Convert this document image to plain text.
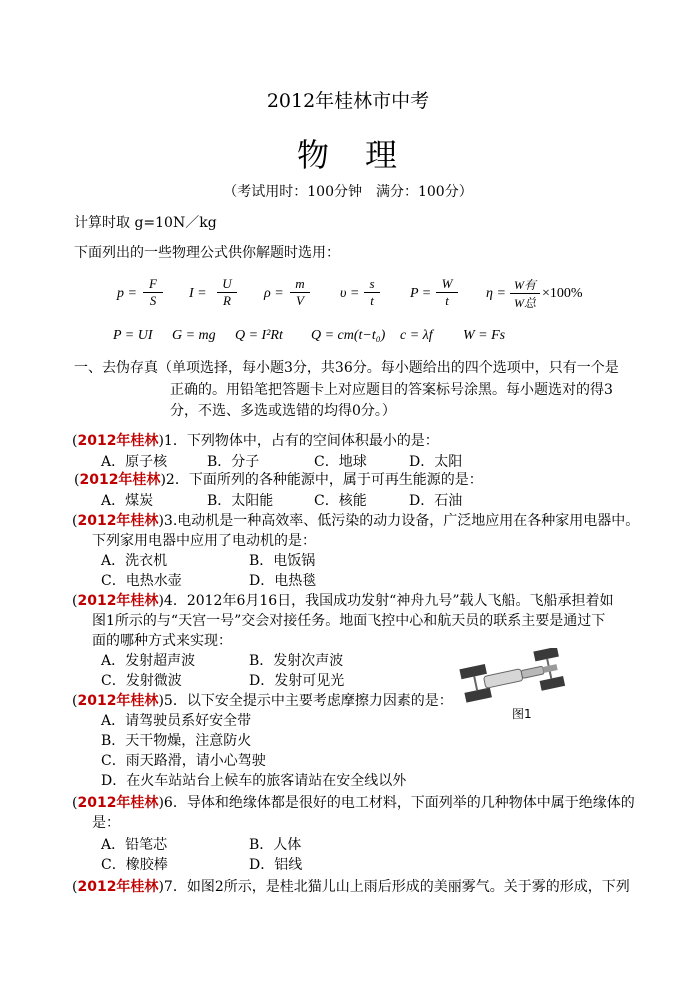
2012年桂林市中考
物　理
（考试用时：100分钟　满分：100分）
计算时取 g=10N／kg
下面列出的一些物理公式供你解题时选用：
$p = \frac{F}{S}$ $I = \frac{U}{R}$ $\rho = \frac{m}{V}$ $\upsilon = \frac{s}{t}$ $P = \frac{W}{t}$ η =
W有
W总
×100%
P = UI G = mg Q = I²Rt Q = cm(t−t₀) c = λf W = Fs
一、去伪存真（单项选择，每小题3分，共36分。每小题给出的四个选项中，只有一个是
正确的。用铅笔把答题卡上对应题目的答案标号涂黑。每小题选对的得3
分，不选、多选或选错的均得0分。）
(2012年桂林)1．下列物体中，占有的空间体积最小的是：
A．原子核	B．分子	C．地球	D．太阳
(2012年桂林)2．下面所列的各种能源中，属于可再生能源的是：
A．煤炭	B．太阳能	C．核能	D．石油
(2012年桂林)3.电动机是一种高效率、低污染的动力设备，广泛地应用在各种家用电器中。
下列家用电器中应用了电动机的是：
A．洗衣机	B．电饭锅
C．电热水壶	D．电热毯
(2012年桂林)4．2012年6月16日，我国成功发射“神舟九号”载人飞船。飞船承担着如
图1所示的与“天宫一号”交会对接任务。地面飞控中心和航天员的联系主要是通过下
面的哪种方式来实现：
A．发射超声波	B．发射次声波
C．发射微波	D．发射可见光
图1
(2012年桂林)5．以下安全提示中主要考虑摩擦力因素的是：
A．请驾驶员系好安全带
B．天干物燥，注意防火
C．雨天路滑，请小心驾驶
D．在火车站站台上候车的旅客请站在安全线以外
(2012年桂林)6．导体和绝缘体都是很好的电工材料，下面列举的几种物体中属于绝缘体的
是：
A．铅笔芯	B．人体
C．橡胶棒	D．铝线
(2012年桂林)7．如图2所示，是桂北猫儿山上雨后形成的美丽雾气。关于雾的形成，下列
